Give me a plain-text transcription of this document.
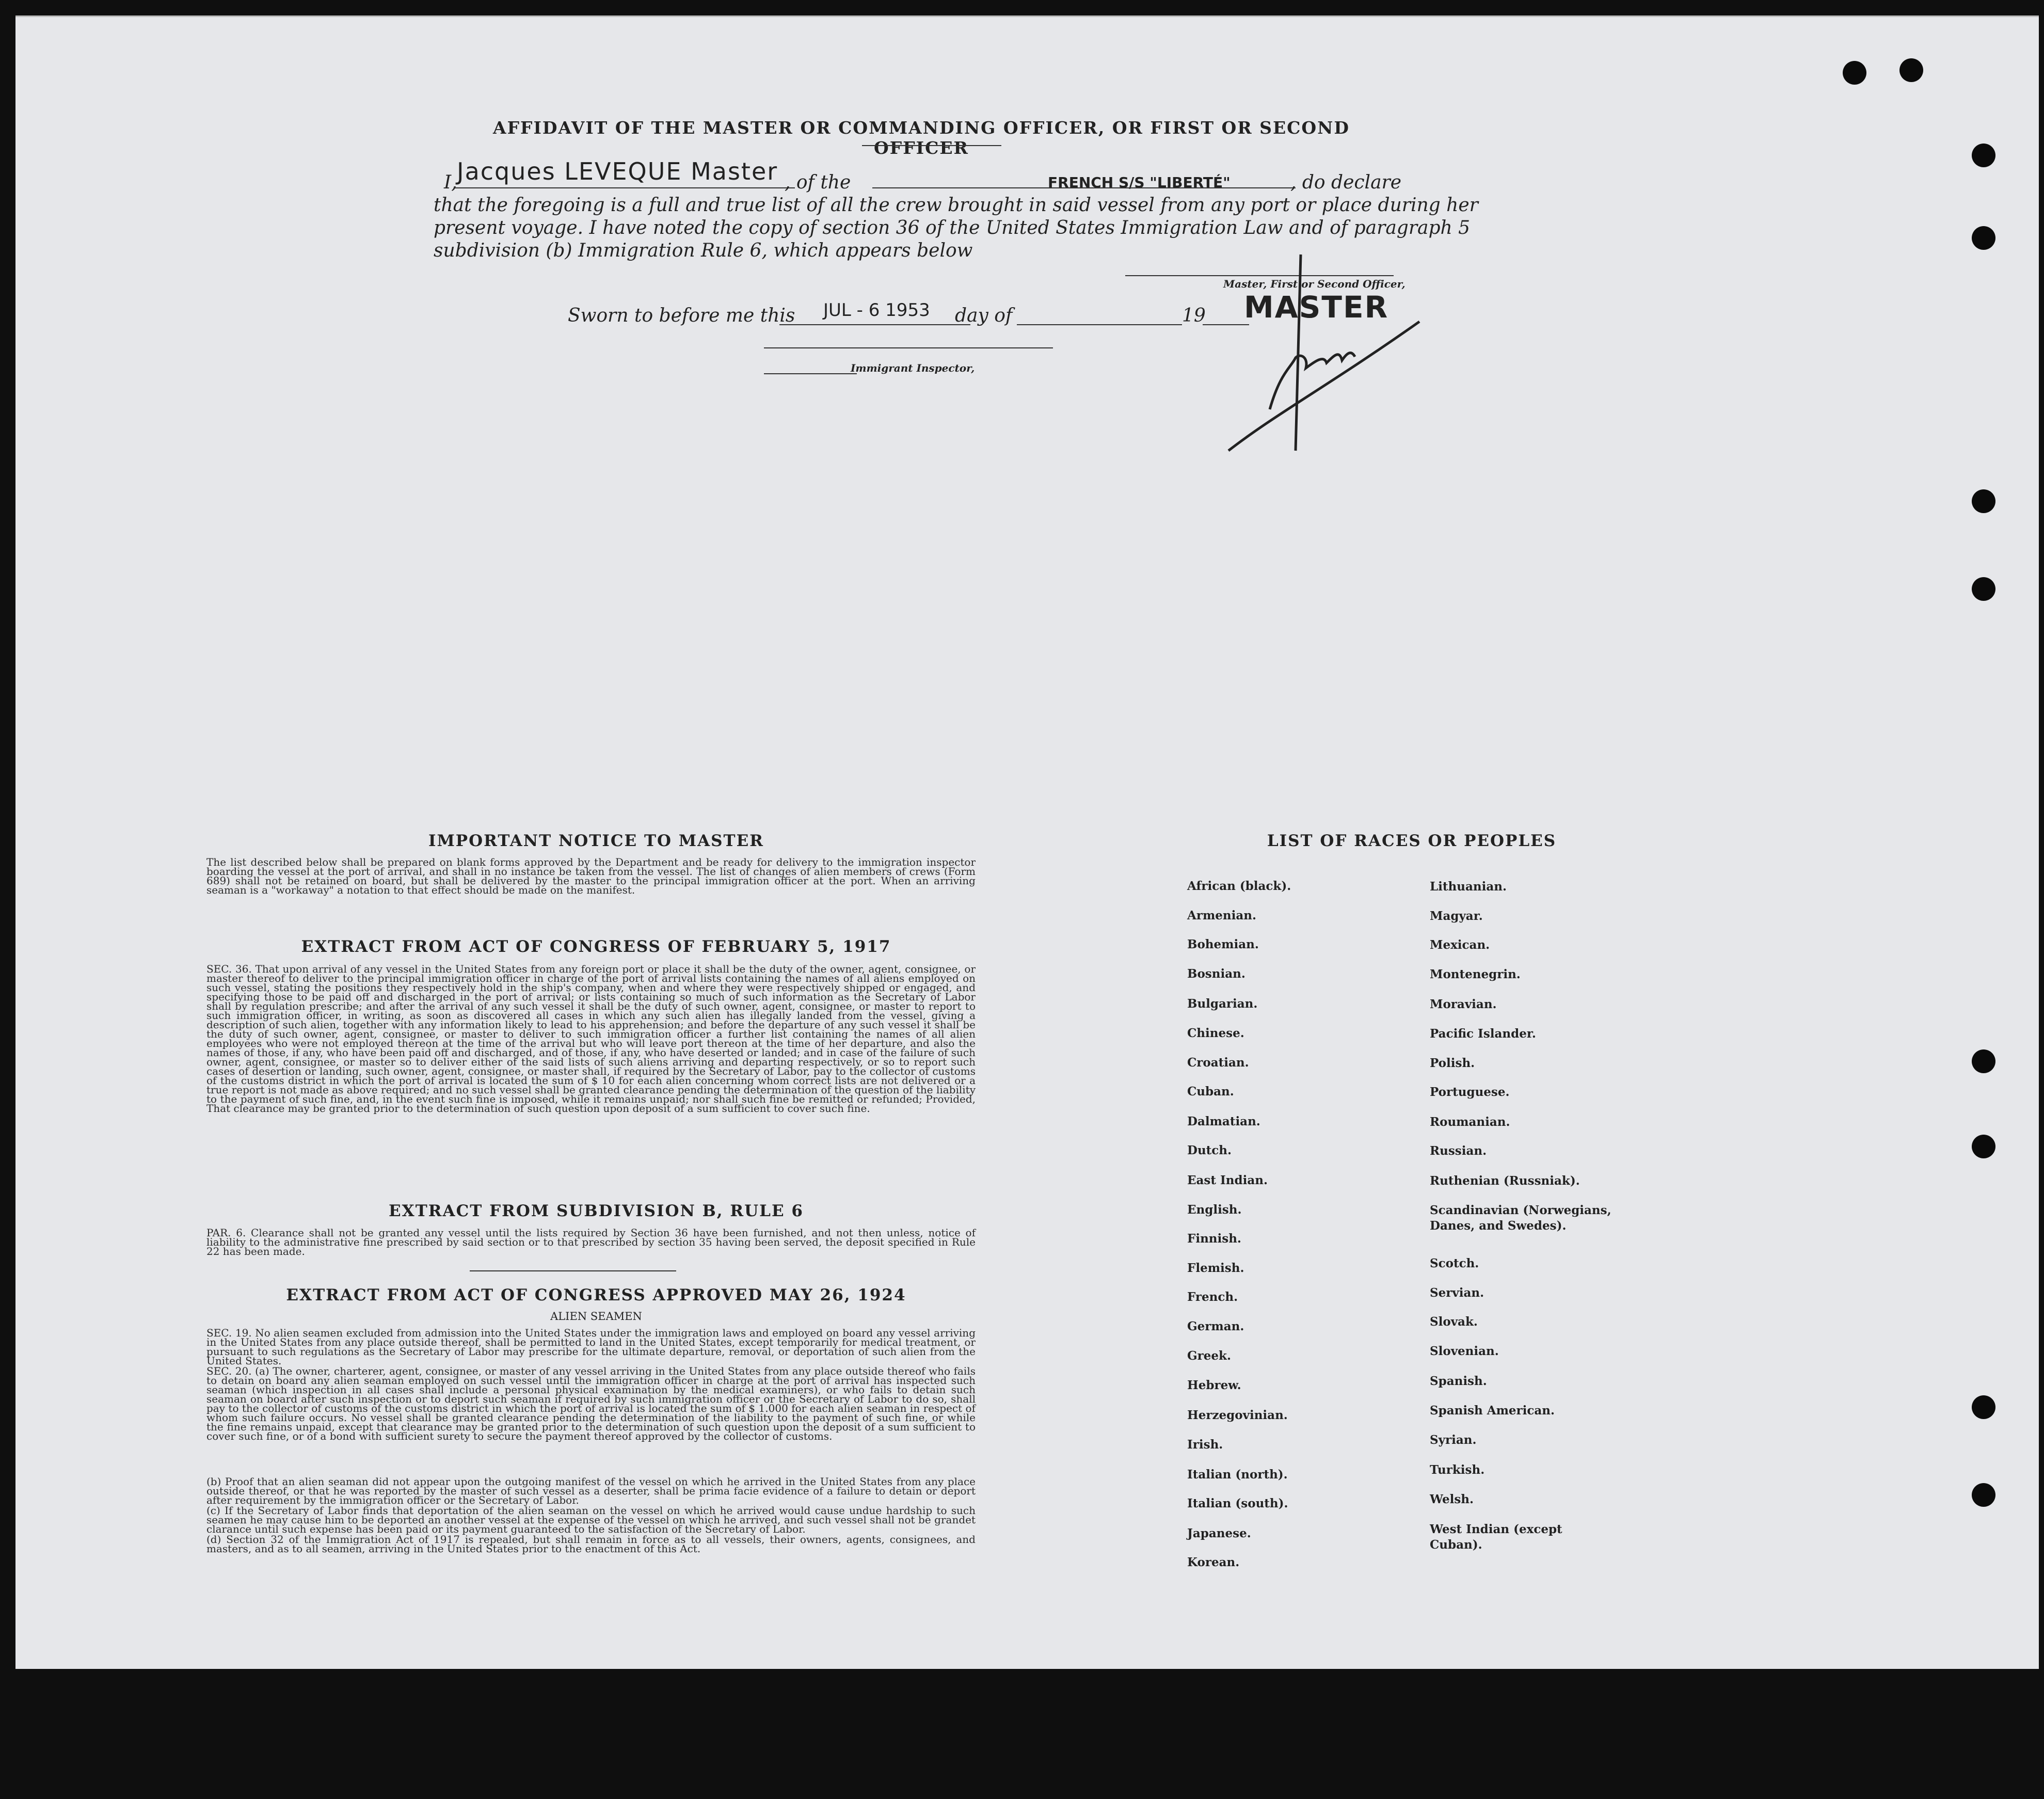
AFFIDAVIT OF THE MASTER OR COMMANDING OFFICER, OR FIRST OR SECOND OFFICER
I, Jacques LEVEQUE Master , of the	FRENCH S/S "LIBERTÉ"	, do declare
that the foregoing is a full and true list of all the crew brought in said vessel from any port or place during her
present voyage. I have noted the copy of section 36 of the United States Immigration Law and of paragraph 5
subdivision (b) Immigration Rule 6, which appears below
Master, First or Second Officer,
MASTER
Sworn to before me this JUL - 6 1953 day of	19
Immigrant Inspector,
IMPORTANT NOTICE TO MASTER
The list described below shall be prepared on blank forms approved by the Department and be ready for delivery to the immigration inspector boarding the vessel at the port of arrival, and shall in no instance be taken from the vessel. The list of changes of alien members of crews (Form 689) shall not be retained on board, but shall be delivered by the master to the principal immigration officer at the port. When an arriving seaman is a "workaway" a notation to that effect should be made on the manifest.
EXTRACT FROM ACT OF CONGRESS OF FEBRUARY 5, 1917
SEC. 36. That upon arrival of any vessel in the United States from any foreign port or place it shall be the duty of the owner, agent, consignee, or master thereof to deliver to the principal immigration officer in charge of the port of arrival lists containing the names of all aliens employed on such vessel, stating the positions they respectively hold in the ship's company, when and where they were respectively shipped or engaged, and specifying those to be paid off and discharged in the port of arrival; or lists containing so much of such information as the Secretary of Labor shall by regulation prescribe; and after the arrival of any such vessel it shall be the duty of such owner, agent, consignee, or master to report to such immigration officer, in writing, as soon as discovered all cases in which any such alien has illegally landed from the vessel, giving a description of such alien, together with any information likely to lead to his apprehension; and before the departure of any such vessel it shall be the duty of such owner, agent, consignee, or master to deliver to such immigration officer a further list containing the names of all alien employees who were not employed thereon at the time of the arrival but who will leave port thereon at the time of her departure, and also the names of those, if any, who have been paid off and discharged, and of those, if any, who have deserted or landed; and in case of the failure of such owner, agent, consignee, or master so to deliver either of the said lists of such aliens arriving and departing respectively, or so to report such cases of desertion or landing, such owner, agent, consignee, or master shall, if required by the Secretary of Labor, pay to the collector of customs of the customs district in which the port of arrival is located the sum of $ 10 for each alien concerning whom correct lists are not delivered or a true report is not made as above required; and no such vessel shall be granted clearance pending the determination of the question of the liability to the payment of such fine, and, in the event such fine is imposed, while it remains unpaid; nor shall such fine be remitted or refunded; Provided, That clearance may be granted prior to the determination of such question upon deposit of a sum sufficient to cover such fine.
EXTRACT FROM SUBDIVISION B, RULE 6
PAR. 6. Clearance shall not be granted any vessel until the lists required by Section 36 have been furnished, and not then unless, notice of liability to the administrative fine prescribed by said section or to that prescribed by section 35 having been served, the deposit specified in Rule 22 has been made.
EXTRACT FROM ACT OF CONGRESS APPROVED MAY 26, 1924
ALIEN SEAMEN
SEC. 19. No alien seamen excluded from admission into the United States under the immigration laws and employed on board any vessel arriving in the United States from any place outside thereof, shall be permitted to land in the United States, except temporarily for medical treatment, or pursuant to such regulations as the Secretary of Labor may prescribe for the ultimate departure, removal, or deportation of such alien from the United States.
SEC. 20. (a) The owner, charterer, agent, consignee, or master of any vessel arriving in the United States from any place outside thereof who fails to detain on board any alien seaman employed on such vessel until the immigration officer in charge at the port of arrival has inspected such seaman (which inspection in all cases shall include a personal physical examination by the medical examiners), or who fails to detain such seaman on board after such inspection or to deport such seaman if required by such immigration officer or the Secretary of Labor to do so, shall pay to the collector of customs of the customs district in which the port of arrival is located the sum of $ 1.000 for each alien seaman in respect of whom such failure occurs. No vessel shall be granted clearance pending the determination of the liability to the payment of such fine, or while the fine remains unpaid, except that clearance may be granted prior to the determination of such question upon the deposit of a sum sufficient to cover such fine, or of a bond with sufficient surety to secure the payment thereof approved by the collector of customs.
(b) Proof that an alien seaman did not appear upon the outgoing manifest of the vessel on which he arrived in the United States from any place outside thereof, or that he was reported by the master of such vessel as a deserter, shall be prima facie evidence of a failure to detain or deport after requirement by the immigration officer or the Secretary of Labor.
(c) If the Secretary of Labor finds that deportation of the alien seaman on the vessel on which he arrived would cause undue hardship to such seamen he may cause him to be deported an another vessel at the expense of the vessel on which he arrived, and such vessel shall not be grandet clarance until such expense has been paid or its payment guaranteed to the satisfaction of the Secretary of Labor.
(d) Section 32 of the Immigration Act of 1917 is repealed, but shall remain in force as to all vessels, their owners, agents, consignees, and masters, and as to all seamen, arriving in the United States prior to the enactment of this Act.
LIST OF RACES OR PEOPLES
African (black).
Armenian.
Bohemian.
Bosnian.
Bulgarian.
Chinese.
Croatian.
Cuban.
Dalmatian.
Dutch.
East Indian.
English.
Finnish.
Flemish.
French.
German.
Greek.
Hebrew.
Herzegovinian.
Irish.
Italian (north).
Italian (south).
Japanese.
Korean.
Lithuanian.
Magyar.
Mexican.
Montenegrin.
Moravian.
Pacific Islander.
Polish.
Portuguese.
Roumanian.
Russian.
Ruthenian (Russniak).
Scandinavian (Norwegians, Danes, and Swedes).
Scotch.
Servian.
Slovak.
Slovenian.
Spanish.
Spanish American.
Syrian.
Turkish.
Welsh.
West Indian (except Cuban).
